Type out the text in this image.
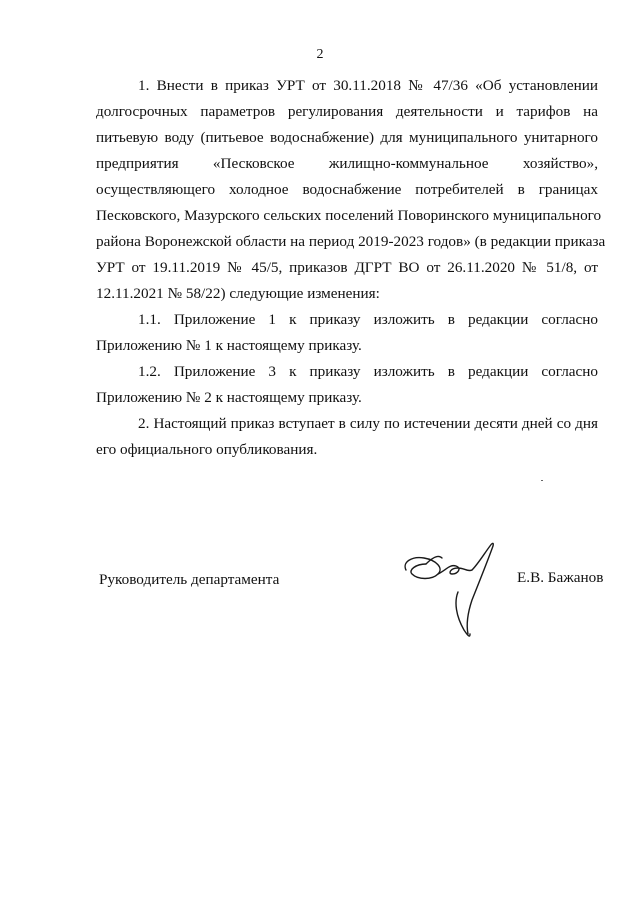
2
1. Внести в приказ УРТ от 30.11.2018 № 47/36 «Об установлении
долгосрочных параметров регулирования деятельности и тарифов на
питьевую воду (питьевое водоснабжение) для муниципального унитарного
предприятия «Песковское жилищно-коммунальное хозяйство»,
осуществляющего холодное водоснабжение потребителей в границах
Песковского, Мазурского сельских поселений Поворинского муниципального
района Воронежской области на период 2019-2023 годов» (в редакции приказа
УРТ от 19.11.2019 № 45/5, приказов ДГРТ ВО от 26.11.2020 № 51/8, от
12.11.2021 № 58/22) следующие изменения:
1.1. Приложение 1 к приказу изложить в редакции согласно
Приложению № 1 к настоящему приказу.
1.2. Приложение 3 к приказу изложить в редакции согласно
Приложению № 2 к настоящему приказу.
2. Настоящий приказ вступает в силу по истечении десяти дней со дня
его официального опубликования.
Руководитель департамента	Е.В. Бажанов
